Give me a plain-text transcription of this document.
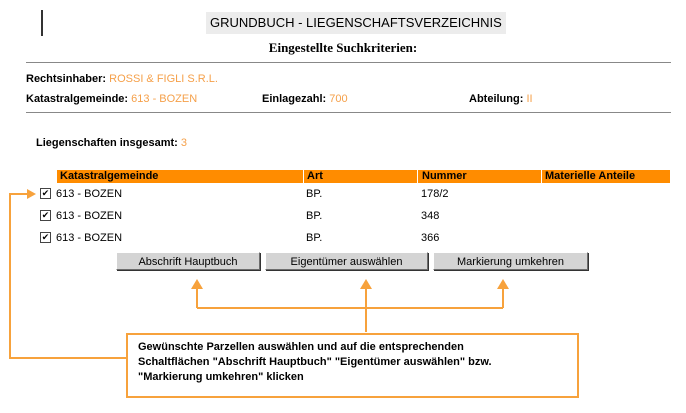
GRUNDBUCH - LIEGENSCHAFTSVERZEICHNIS
Eingestellte Suchkriterien:
Rechtsinhaber: ROSSI & FIGLI S.R.L.
Katastralgemeinde: 613 - BOZEN	Einlagezahl: 700	Abteilung: II
Liegenschaften insgesamt: 3
Katastralgemeinde	Art	Nummer	Materielle Anteile
✔ 613 - BOZEN	BP.	178/2
✔ 613 - BOZEN	BP.	348
✔ 613 - BOZEN	BP.	366
Abschrift Hauptbuch	Eigentümer auswählen	Markierung umkehren
Gewünschte Parzellen auswählen und auf die entsprechenden
Schaltflächen "Abschrift Hauptbuch" "Eigentümer auswählen" bzw.
"Markierung umkehren" klicken
